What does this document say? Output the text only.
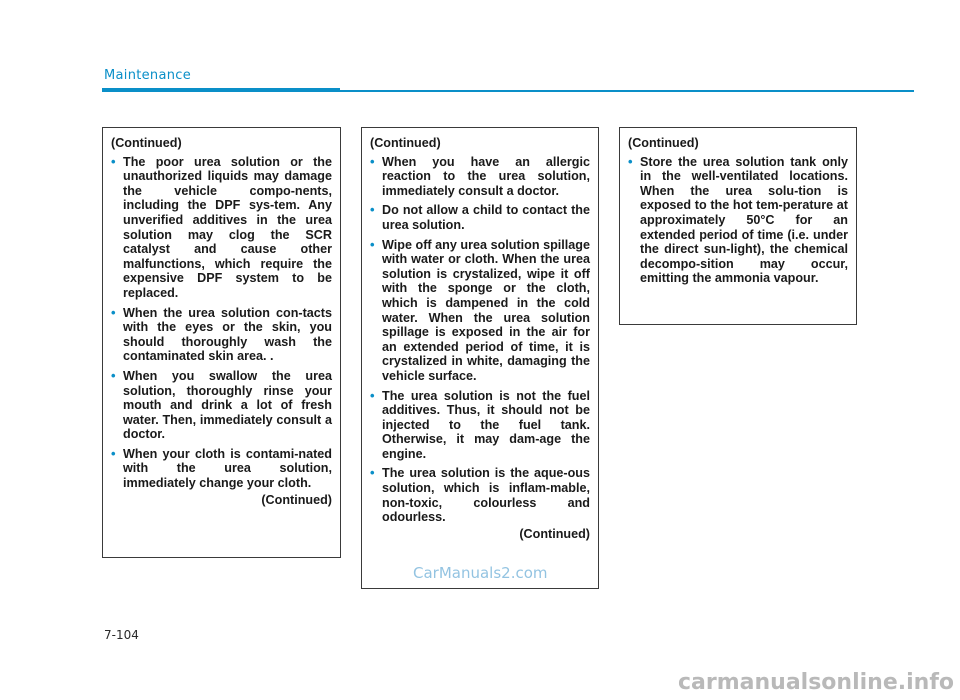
Maintenance
(Continued)
• The poor urea solution or the unauthorized liquids may damage the vehicle compo-nents, including the DPF sys-tem. Any unverified additives in the urea solution may clog the SCR catalyst and cause other malfunctions, which require the expensive DPF system to be replaced.
• When the urea solution con-tacts with the eyes or the skin, you should thoroughly wash the contaminated skin area. .
• When you swallow the urea solution, thoroughly rinse your mouth and drink a lot of fresh water. Then, immediately consult a doctor.
• When your cloth is contami-nated with the urea solution, immediately change your cloth.
(Continued)
(Continued)
• When you have an allergic reaction to the urea solution, immediately consult a doctor.
• Do not allow a child to contact the urea solution.
• Wipe off any urea solution spillage with water or cloth. When the urea solution is crystalized, wipe it off with the sponge or the cloth, which is dampened in the cold water. When the urea solution spillage is exposed in the air for an extended period of time, it is crystalized in white, damaging the vehicle surface.
• The urea solution is not the fuel additives. Thus, it should not be injected to the fuel tank. Otherwise, it may dam-age the engine.
• The urea solution is the aque-ous solution, which is inflam-mable, non-toxic, colourless and odourless.
(Continued)
(Continued)
• Store the urea solution tank only in the well-ventilated locations. When the urea solu-tion is exposed to the hot tem-perature at approximately 50°C for an extended period of time (i.e. under the direct sun-light), the chemical decompo-sition may occur, emitting the ammonia vapour.
CarManuals2.com
7-104
carmanualsonline.info
